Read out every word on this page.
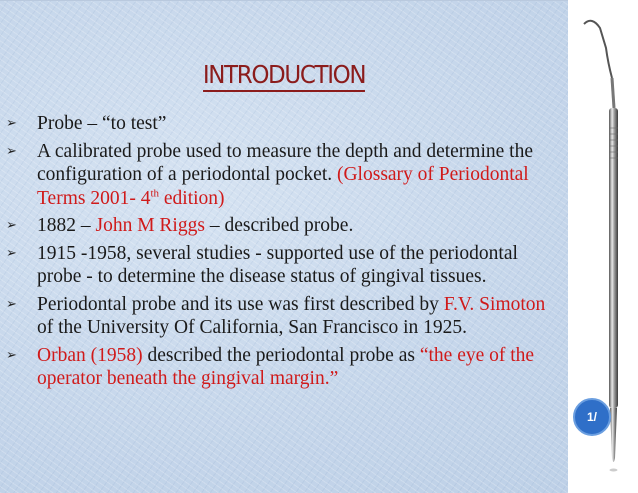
INTRODUCTION
➢ Probe – “to test”
➢ A calibrated probe used to measure the depth and determine the configuration of a periodontal pocket. (Glossary of Periodontal Terms 2001- 4th edition)
➢ 1882 – John M Riggs – described probe.
➢ 1915 -1958, several studies - supported use of the periodontal probe - to determine the disease status of gingival tissues.
➢ Periodontal probe and its use was first described by F.V. Simoton of the University Of California, San Francisco in 1925.
➢ Orban (1958) described the periodontal probe as “the eye of the operator beneath the gingival margin.”
1/
